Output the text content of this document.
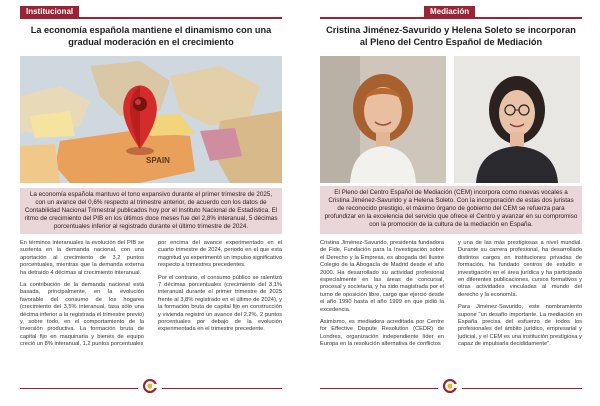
Institucional
La economía española mantiene el dinamismo con una gradual moderación en el crecimiento
SPAIN
La economía española mantuvo el tono expansivo durante el primer trimestre de 2025, con un avance del 0,6% respecto al trimestre anterior, de acuerdo con los datos de Contabilidad Nacional Trimestral publicados hoy por el Instituto Nacional de Estadística. El ritmo de crecimiento del PIB en los últimos doce meses fue del 2,8% interanual, 5 décimas porcentuales inferior al registrado durante el último trimestre de 2024.

En términos interanuales la evolución del PIB se sustenta en la demanda nacional, con una aportación al crecimiento de 3,2 puntos porcentuales, mientras que la demanda externa ha detraído 4 décimas al crecimiento interanual.

La contribución de la demanda nacional está basada, principalmente, en la evolución favorable del consumo de los hogares (crecimiento del 3,5% interanual, tasa sólo una décima inferior a la registrada el trimestre previo) y, sobre todo, en el comportamiento de la inversión productiva. La formación bruta de capital fijo en maquinaria y bienes de equipo creció un 8% interanual, 1,2 puntos porcentuales

por encima del avance experimentado en el cuarto trimestre de 2024, periodo en el que esta magnitud ya experimentó un impulso significativo respecto a trimestres precedentes.

Por el contrario, el consumo público se ralentizó 7 décimas porcentuales (crecimiento del 3,1% interanual durante el primer trimestre de 2025 frente al 3,8% registrado en el último de 2024), y la formación bruta de capital fijo en construcción y vivienda registró un avance del 2,2%, 2 puntos porcentuales por debajo de la evolución experimentada en el trimestre precedente.

Mediación
Cristina Jiménez-Savurido y Helena Soleto se incorporan al Pleno del Centro Español de Mediación
El Pleno del Centro Español de Mediación (CEM) incorpora como nuevas vocales a Cristina Jiménez-Savurido y a Helena Soleto. Con la incorporación de estas dos juristas de reconocido prestigio, el máximo órgano de gobierno del CEM se refuerza para profundizar en la excelencia del servicio que ofrece el Centro y avanzar en su compromiso con la promoción de la cultura de la mediación en España.

Cristina Jiménez-Savurido, presidenta fundadora de Fide, Fundación para la Investigación sobre el Derecho y la Empresa, es abogada del Ilustre Colegio de la Abogacía de Madrid desde el año 2000. Ha desarrollado su actividad profesional especialmente en las áreas de concursal, procesal y societaria, y ha sido magistrada por el turno de oposición libre, cargo que ejerció desde el año 1990 hasta el año 1999 en que pidió la excedencia.

Asimismo, es mediadora acreditada por Centre for Effective Dispute Resolution (CEDR) de Londres, organización independiente líder en Europa en la resolución alternativa de conflictos

y una de las más prestigiosas a nivel mundial. Durante su carrera profesional, ha desarrollado distintos cargos en instituciones privadas de formación, ha fundado centros de estudio e investigación en el área jurídica y ha participado en diferentes publicaciones, cursos formativos y otras actividades vinculadas al mundo del derecho y la economía.

Para Jiménez-Savurido, este nombramiento supone "un desafío importante. La mediación en España precisa del esfuerzo de todos los profesionales del ámbito jurídico, empresarial y judicial, y el CEM es una institución prestigiosa y capaz de impulsarla decididamente".
